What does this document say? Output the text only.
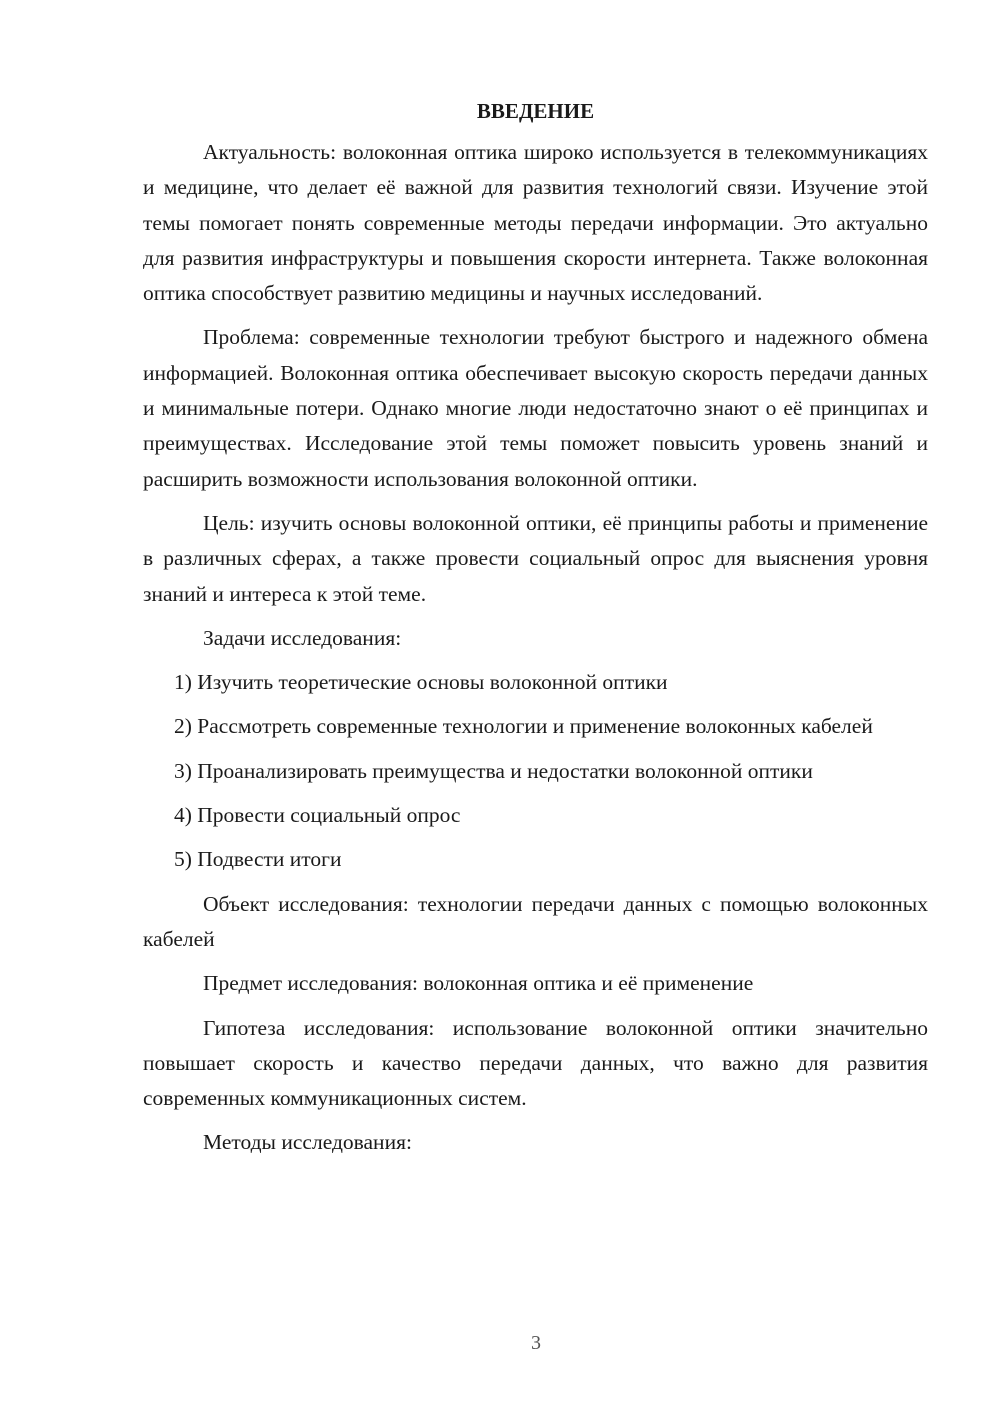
ВВЕДЕНИЕ

Актуальность: волоконная оптика широко используется в телекоммуникациях и медицине, что делает её важной для развития технологий связи. Изучение этой темы помогает понять современные методы передачи информации. Это актуально для развития инфраструктуры и повышения скорости интернета. Также волоконная оптика способствует развитию медицины и научных исследований.

Проблема: современные технологии требуют быстрого и надежного обмена информацией. Волоконная оптика обеспечивает высокую скорость передачи данных и минимальные потери. Однако многие люди недостаточно знают о её принципах и преимуществах. Исследование этой темы поможет повысить уровень знаний и расширить возможности использования волоконной оптики.

Цель: изучить основы волоконной оптики, её принципы работы и применение в различных сферах, а также провести социальный опрос для выяснения уровня знаний и интереса к этой теме.

Задачи исследования:

1) Изучить теоретические основы волоконной оптики

2) Рассмотреть современные технологии и применение волоконных кабелей

3) Проанализировать преимущества и недостатки волоконной оптики

4) Провести социальный опрос

5) Подвести итоги

Объект исследования: технологии передачи данных с помощью волоконных кабелей

Предмет исследования: волоконная оптика и её применение

Гипотеза исследования: использование волоконной оптики значительно повышает скорость и качество передачи данных, что важно для развития современных коммуникационных систем.

Методы исследования:

3
